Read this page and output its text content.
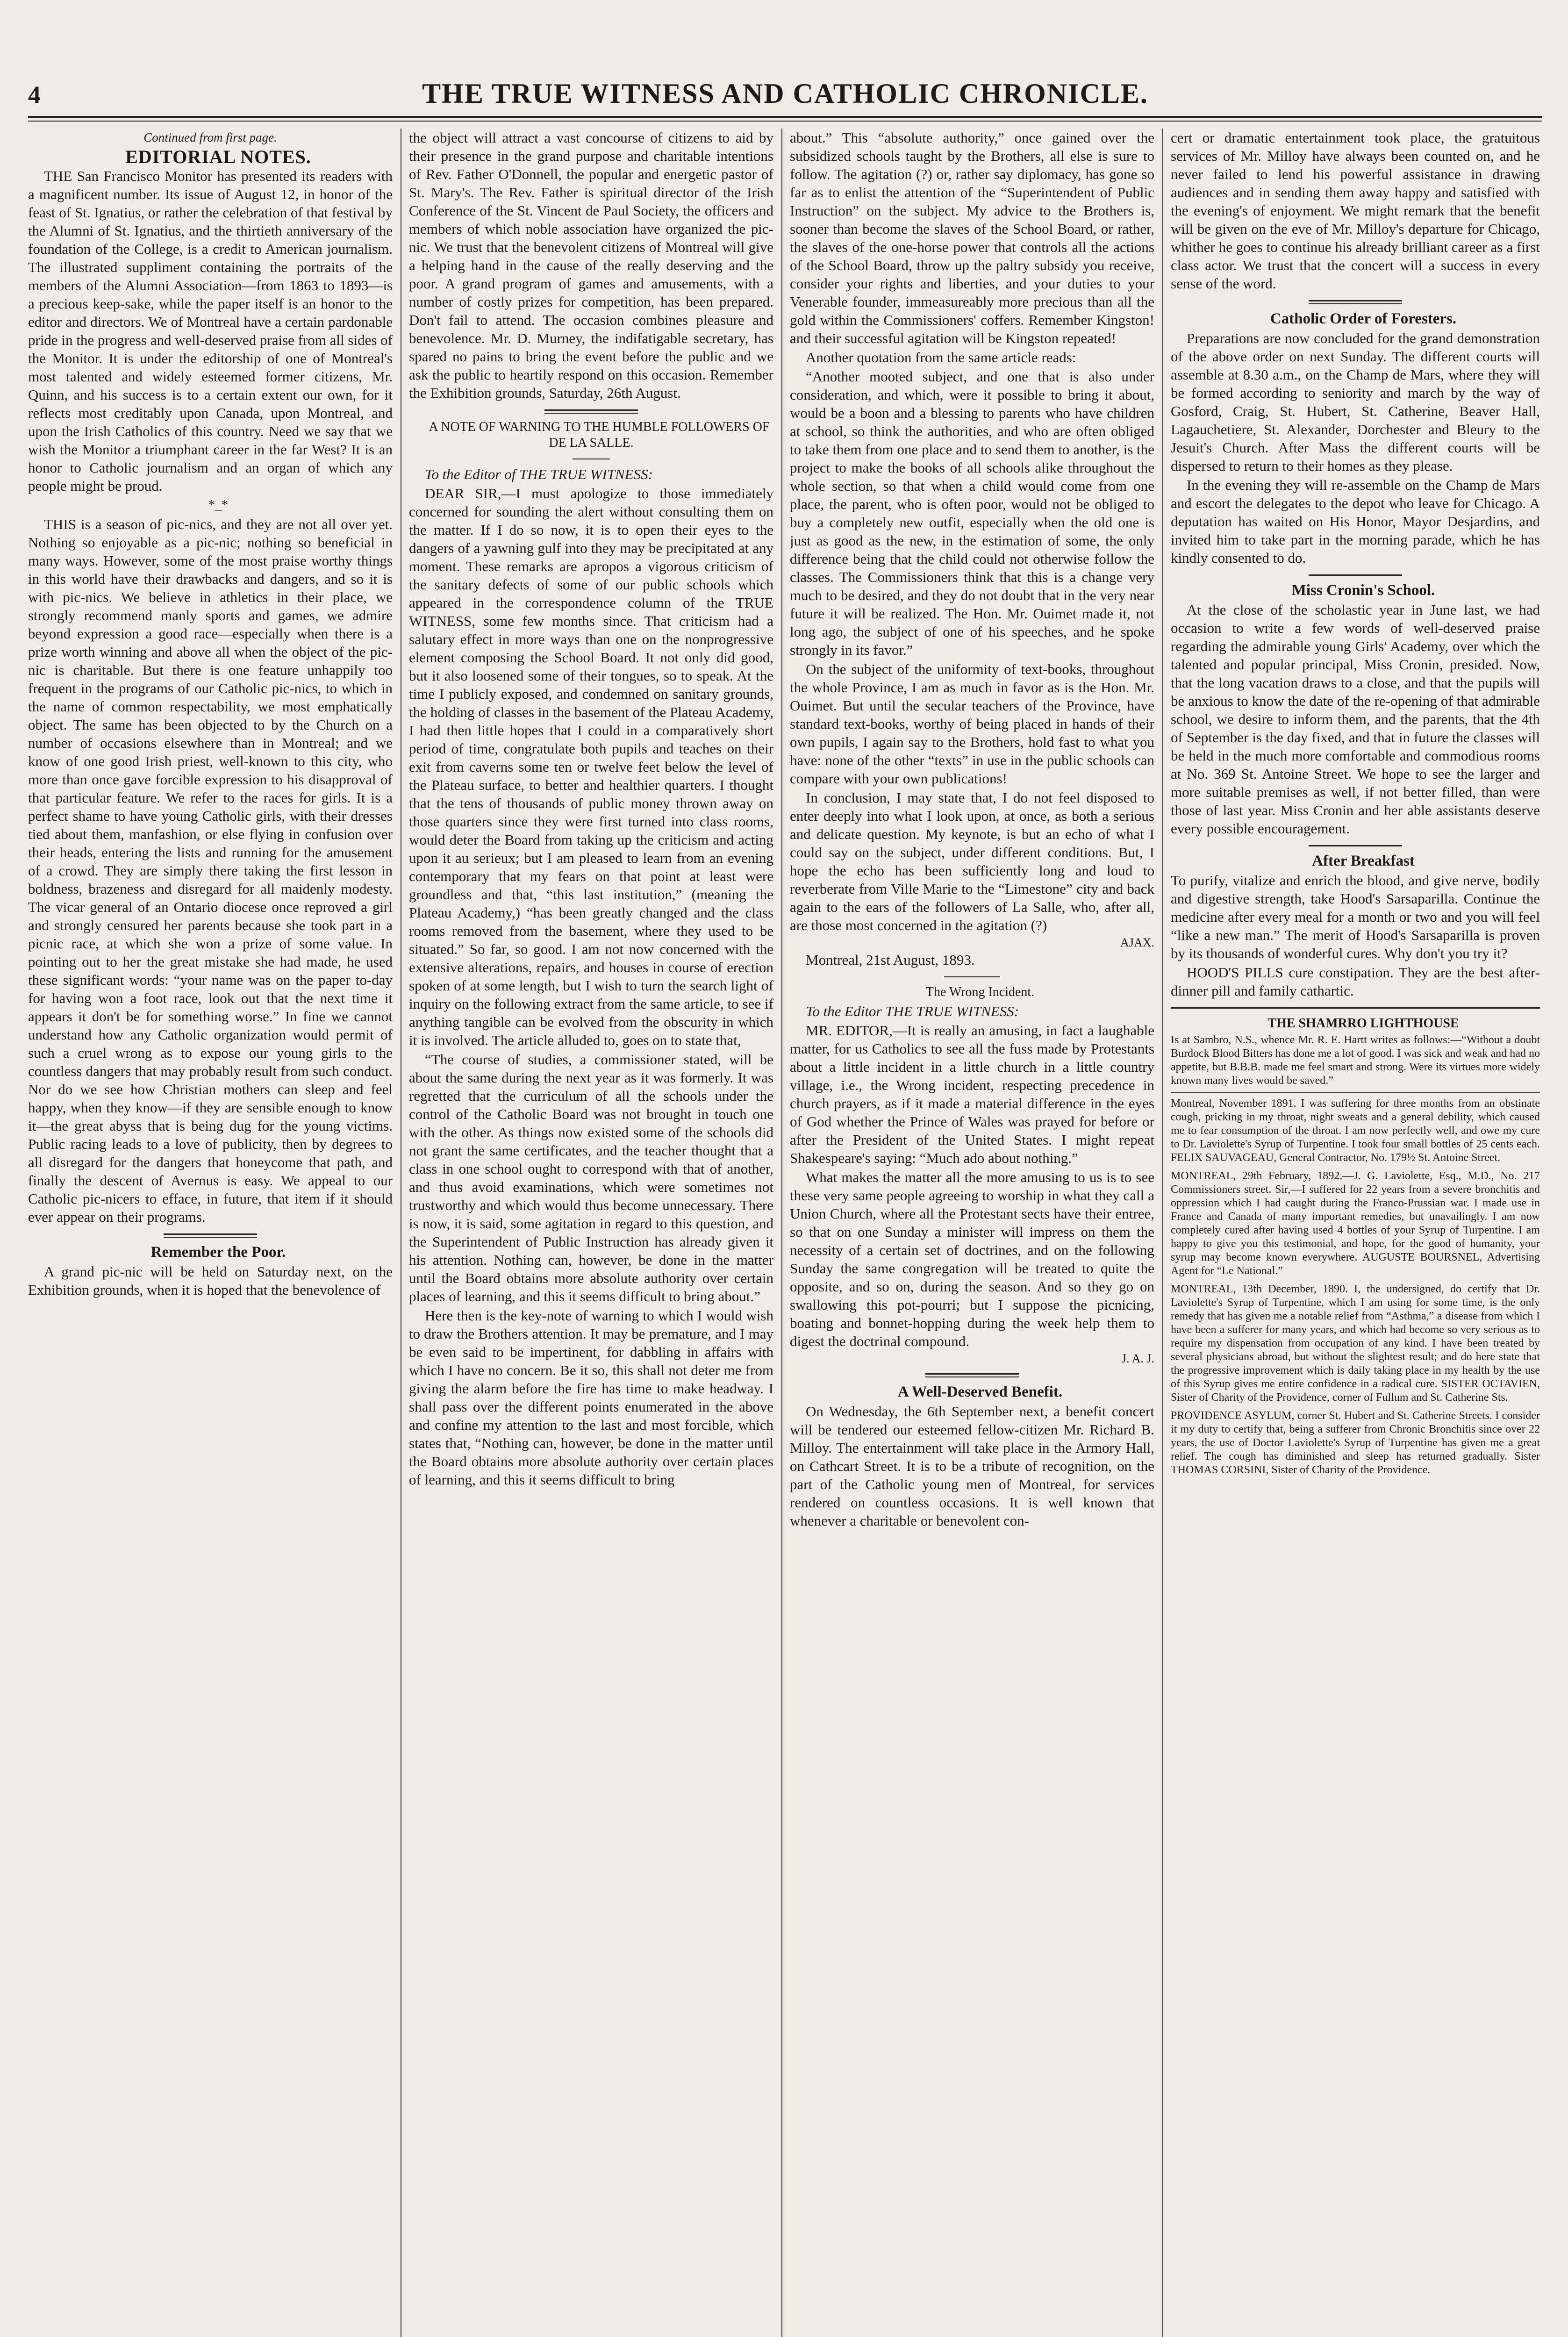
4	THE TRUE WITNESS AND CATHOLIC CHRONICLE.

Continued from first page.

EDITORIAL NOTES.

THE San Francisco Monitor has presented its readers with a magnificent number. Its issue of August 12, in honor of the feast of St. Ignatius, or rather the celebration of that festival by the Alumni of St. Ignatius, and the thirtieth anniversary of the foundation of the College, is a credit to American journalism. The illustrated suppliment containing the portraits of the members of the Alumni Association—from 1863 to 1893—is a precious keep-sake, while the paper itself is an honor to the editor and directors. We of Montreal have a certain pardonable pride in the progress and well-deserved praise from all sides of the Monitor. It is under the editorship of one of Montreal's most talented and widely esteemed former citizens, Mr. Quinn, and his success is to a certain extent our own, for it reflects most creditably upon Canada, upon Montreal, and upon the Irish Catholics of this country. Need we say that we wish the Monitor a triumphant career in the far West? It is an honor to Catholic journalism and an organ of which any people might be proud.

*_*

THIS is a season of pic-nics, and they are not all over yet. Nothing so enjoyable as a pic-nic; nothing so beneficial in many ways. However, some of the most praise worthy things in this world have their drawbacks and dangers, and so it is with pic-nics. We believe in athletics in their place, we strongly recommend manly sports and games, we admire beyond expression a good race—especially when there is a prize worth winning and above all when the object of the pic-nic is charitable. But there is one feature unhappily too frequent in the programs of our Catholic pic-nics, to which in the name of common respectability, we most emphatically object. The same has been objected to by the Church on a number of occasions elsewhere than in Montreal; and we know of one good Irish priest, well-known to this city, who more than once gave forcible expression to his disapproval of that particular feature. We refer to the races for girls. It is a perfect shame to have young Catholic girls, with their dresses tied about them, manfashion, or else flying in confusion over their heads, entering the lists and running for the amusement of a crowd. They are simply there taking the first lesson in boldness, brazeness and disregard for all maidenly modesty. The vicar general of an Ontario diocese once reproved a girl and strongly censured her parents because she took part in a picnic race, at which she won a prize of some value. In pointing out to her the great mistake she had made, he used these significant words: “your name was on the paper to-day for having won a foot race, look out that the next time it appears it don't be for something worse.” In fine we cannot understand how any Catholic organization would permit of such a cruel wrong as to expose our young girls to the countless dangers that may probably result from such conduct. Nor do we see how Christian mothers can sleep and feel happy, when they know—if they are sensible enough to know it—the great abyss that is being dug for the young victims. Public racing leads to a love of publicity, then by degrees to all disregard for the dangers that honeycome that path, and finally the descent of Avernus is easy. We appeal to our Catholic pic-nicers to efface, in future, that item if it should ever appear on their programs.

Remember the Poor.

A grand pic-nic will be held on Saturday next, on the Exhibition grounds, when it is hoped that the benevolence of

the object will attract a vast concourse of citizens to aid by their presence in the grand purpose and charitable intentions of Rev. Father O'Donnell, the popular and energetic pastor of St. Mary's. The Rev. Father is spiritual director of the Irish Conference of the St. Vincent de Paul Society, the officers and members of which noble association have organized the pic-nic. We trust that the benevolent citizens of Montreal will give a helping hand in the cause of the really deserving and the poor. A grand program of games and amusements, with a number of costly prizes for competition, has been prepared. Don't fail to attend. The occasion combines pleasure and benevolence. Mr. D. Murney, the indifatigable secretary, has spared no pains to bring the event before the public and we ask the public to heartily respond on this occasion. Remember the Exhibition grounds, Saturday, 26th August.

A NOTE OF WARNING TO THE HUMBLE FOLLOWERS OF DE LA SALLE.

To the Editor of THE TRUE WITNESS:

DEAR SIR,—I must apologize to those immediately concerned for sounding the alert without consulting them on the matter. If I do so now, it is to open their eyes to the dangers of a yawning gulf into they may be precipitated at any moment. These remarks are apropos a vigorous criticism of the sanitary defects of some of our public schools which appeared in the correspondence column of the TRUE WITNESS, some few months since. That criticism had a salutary effect in more ways than one on the nonprogressive element composing the School Board. It not only did good, but it also loosened some of their tongues, so to speak. At the time I publicly exposed, and condemned on sanitary grounds, the holding of classes in the basement of the Plateau Academy, I had then little hopes that I could in a comparatively short period of time, congratulate both pupils and teaches on their exit from caverns some ten or twelve feet below the level of the Plateau surface, to better and healthier quarters. I thought that the tens of thousands of public money thrown away on those quarters since they were first turned into class rooms, would deter the Board from taking up the criticism and acting upon it au serieux; but I am pleased to learn from an evening contemporary that my fears on that point at least were groundless and that, “this last institution,” (meaning the Plateau Academy,) “has been greatly changed and the class rooms removed from the basement, where they used to be situated.” So far, so good. I am not now concerned with the extensive alterations, repairs, and houses in course of erection spoken of at some length, but I wish to turn the search light of inquiry on the following extract from the same article, to see if anything tangible can be evolved from the obscurity in which it is involved. The article alluded to, goes on to state that,

“The course of studies, a commissioner stated, will be about the same during the next year as it was formerly. It was regretted that the curriculum of all the schools under the control of the Catholic Board was not brought in touch one with the other. As things now existed some of the schools did not grant the same certificates, and the teacher thought that a class in one school ought to correspond with that of another, and thus avoid examinations, which were sometimes not trustworthy and which would thus become unnecessary. There is now, it is said, some agitation in regard to this question, and the Superintendent of Public Instruction has already given it his attention. Nothing can, however, be done in the matter until the Board obtains more absolute authority over certain places of learning, and this it seems difficult to bring about.”

Here then is the key-note of warning to which I would wish to draw the Brothers attention. It may be premature, and I may be even said to be impertinent, for dabbling in affairs with which I have no concern. Be it so, this shall not deter me from giving the alarm before the fire has time to make headway. I shall pass over the different points enumerated in the above and confine my attention to the last and most forcible, which states that, “Nothing can, however, be done in the matter until the Board obtains more absolute authority over certain places of learning, and this it seems difficult to bring

about.” This “absolute authority,” once gained over the subsidized schools taught by the Brothers, all else is sure to follow. The agitation (?) or, rather say diplomacy, has gone so far as to enlist the attention of the “Superintendent of Public Instruction” on the subject. My advice to the Brothers is, sooner than become the slaves of the School Board, or rather, the slaves of the one-horse power that controls all the actions of the School Board, throw up the paltry subsidy you receive, consider your rights and liberties, and your duties to your Venerable founder, immeasureably more precious than all the gold within the Commissioners' coffers. Remember Kingston! and their successful agitation will be Kingston repeated!

Another quotation from the same article reads:

“Another mooted subject, and one that is also under consideration, and which, were it possible to bring it about, would be a boon and a blessing to parents who have children at school, so think the authorities, and who are often obliged to take them from one place and to send them to another, is the project to make the books of all schools alike throughout the whole section, so that when a child would come from one place, the parent, who is often poor, would not be obliged to buy a completely new outfit, especially when the old one is just as good as the new, in the estimation of some, the only difference being that the child could not otherwise follow the classes. The Commissioners think that this is a change very much to be desired, and they do not doubt that in the very near future it will be realized. The Hon. Mr. Ouimet made it, not long ago, the subject of one of his speeches, and he spoke strongly in its favor.”

On the subject of the uniformity of text-books, throughout the whole Province, I am as much in favor as is the Hon. Mr. Ouimet. But until the secular teachers of the Province, have standard text-books, worthy of being placed in hands of their own pupils, I again say to the Brothers, hold fast to what you have: none of the other “texts” in use in the public schools can compare with your own publications!

In conclusion, I may state that, I do not feel disposed to enter deeply into what I look upon, at once, as both a serious and delicate question. My keynote, is but an echo of what I could say on the subject, under different conditions. But, I hope the echo has been sufficiently long and loud to reverberate from Ville Marie to the “Limestone” city and back again to the ears of the followers of La Salle, who, after all, are those most concerned in the agitation (?)

AJAX.

Montreal, 21st August, 1893.

The Wrong Incident.

To the Editor THE TRUE WITNESS:

MR. EDITOR,—It is really an amusing, in fact a laughable matter, for us Catholics to see all the fuss made by Protestants about a little incident in a little church in a little country village, i.e., the Wrong incident, respecting precedence in church prayers, as if it made a material difference in the eyes of God whether the Prince of Wales was prayed for before or after the President of the United States. I might repeat Shakespeare's saying: “Much ado about nothing.”

What makes the matter all the more amusing to us is to see these very same people agreeing to worship in what they call a Union Church, where all the Protestant sects have their entree, so that on one Sunday a minister will impress on them the necessity of a certain set of doctrines, and on the following Sunday the same congregation will be treated to quite the opposite, and so on, during the season. And so they go on swallowing this pot-pourri; but I suppose the picnicing, boating and bonnet-hopping during the week help them to digest the doctrinal compound.

J. A. J.

A Well-Deserved Benefit.

On Wednesday, the 6th September next, a benefit concert will be tendered our esteemed fellow-citizen Mr. Richard B. Milloy. The entertainment will take place in the Armory Hall, on Cathcart Street. It is to be a tribute of recognition, on the part of the Catholic young men of Montreal, for services rendered on countless occasions. It is well known that whenever a charitable or benevolent con-

cert or dramatic entertainment took place, the gratuitous services of Mr. Milloy have always been counted on, and he never failed to lend his powerful assistance in drawing audiences and in sending them away happy and satisfied with the evening's of enjoyment. We might remark that the benefit will be given on the eve of Mr. Milloy's departure for Chicago, whither he goes to continue his already brilliant career as a first class actor. We trust that the concert will a success in every sense of the word.

Catholic Order of Foresters.

Preparations are now concluded for the grand demonstration of the above order on next Sunday. The different courts will assemble at 8.30 a.m., on the Champ de Mars, where they will be formed according to seniority and march by the way of Gosford, Craig, St. Hubert, St. Catherine, Beaver Hall, Lagauchetiere, St. Alexander, Dorchester and Bleury to the Jesuit's Church. After Mass the different courts will be dispersed to return to their homes as they please.

In the evening they will re-assemble on the Champ de Mars and escort the delegates to the depot who leave for Chicago. A deputation has waited on His Honor, Mayor Desjardins, and invited him to take part in the morning parade, which he has kindly consented to do.

Miss Cronin's School.

At the close of the scholastic year in June last, we had occasion to write a few words of well-deserved praise regarding the admirable young Girls' Academy, over which the talented and popular principal, Miss Cronin, presided. Now, that the long vacation draws to a close, and that the pupils will be anxious to know the date of the re-opening of that admirable school, we desire to inform them, and the parents, that the 4th of September is the day fixed, and that in future the classes will be held in the much more comfortable and commodious rooms at No. 369 St. Antoine Street. We hope to see the larger and more suitable premises as well, if not better filled, than were those of last year. Miss Cronin and her able assistants deserve every possible encouragement.

After Breakfast

To purify, vitalize and enrich the blood, and give nerve, bodily and digestive strength, take Hood's Sarsaparilla. Continue the medicine after every meal for a month or two and you will feel “like a new man.” The merit of Hood's Sarsaparilla is proven by its thousands of wonderful cures. Why don't you try it?

HOOD'S PILLS cure constipation. They are the best after-dinner pill and family cathartic.

THE SHAMRRO LIGHTHOUSE

Is at Sambro, N.S., whence Mr. R. E. Hartt writes as follows:—“Without a doubt Burdock Blood Bitters has done me a lot of good. I was sick and weak and had no appetite, but B.B.B. made me feel smart and strong. Were its virtues more widely known many lives would be saved.”
Montreal, November 1891. I was suffering for three months from an obstinate cough, pricking in my throat, night sweats and a general debility, which caused me to fear consumption of the throat. I am now perfectly well, and owe my cure to Dr. Laviolette's Syrup of Turpentine. I took four small bottles of 25 cents each. FELIX SAUVAGEAU, General Contractor, No. 179½ St. Antoine Street.
MONTREAL, 29th February, 1892.—J. G. Laviolette, Esq., M.D., No. 217 Commissioners street. Sir,—I suffered for 22 years from a severe bronchitis and oppression which I had caught during the Franco-Prussian war. I made use in France and Canada of many important remedies, but unavailingly. I am now completely cured after having used 4 bottles of your Syrup of Turpentine. I am happy to give you this testimonial, and hope, for the good of humanity, your syrup may become known everywhere. AUGUSTE BOURSNEL, Advertising Agent for “Le National.”
MONTREAL, 13th December, 1890. I, the undersigned, do certify that Dr. Laviolette's Syrup of Turpentine, which I am using for some time, is the only remedy that has given me a notable relief from “Asthma,” a disease from which I have been a sufferer for many years, and which had become so very serious as to require my dispensation from occupation of any kind. I have been treated by several physicians abroad, but without the slightest result; and do here state that the progressive improvement which is daily taking place in my health by the use of this Syrup gives me entire confidence in a radical cure. SISTER OCTAVIEN, Sister of Charity of the Providence, corner of Fullum and St. Catherine Sts.
PROVIDENCE ASYLUM, corner St. Hubert and St. Catherine Streets. I consider it my duty to certify that, being a sufferer from Chronic Bronchitis since over 22 years, the use of Doctor Laviolette's Syrup of Turpentine has given me a great relief. The cough has diminished and sleep has returned gradually. Sister THOMAS CORSINI, Sister of Charity of the Providence.
